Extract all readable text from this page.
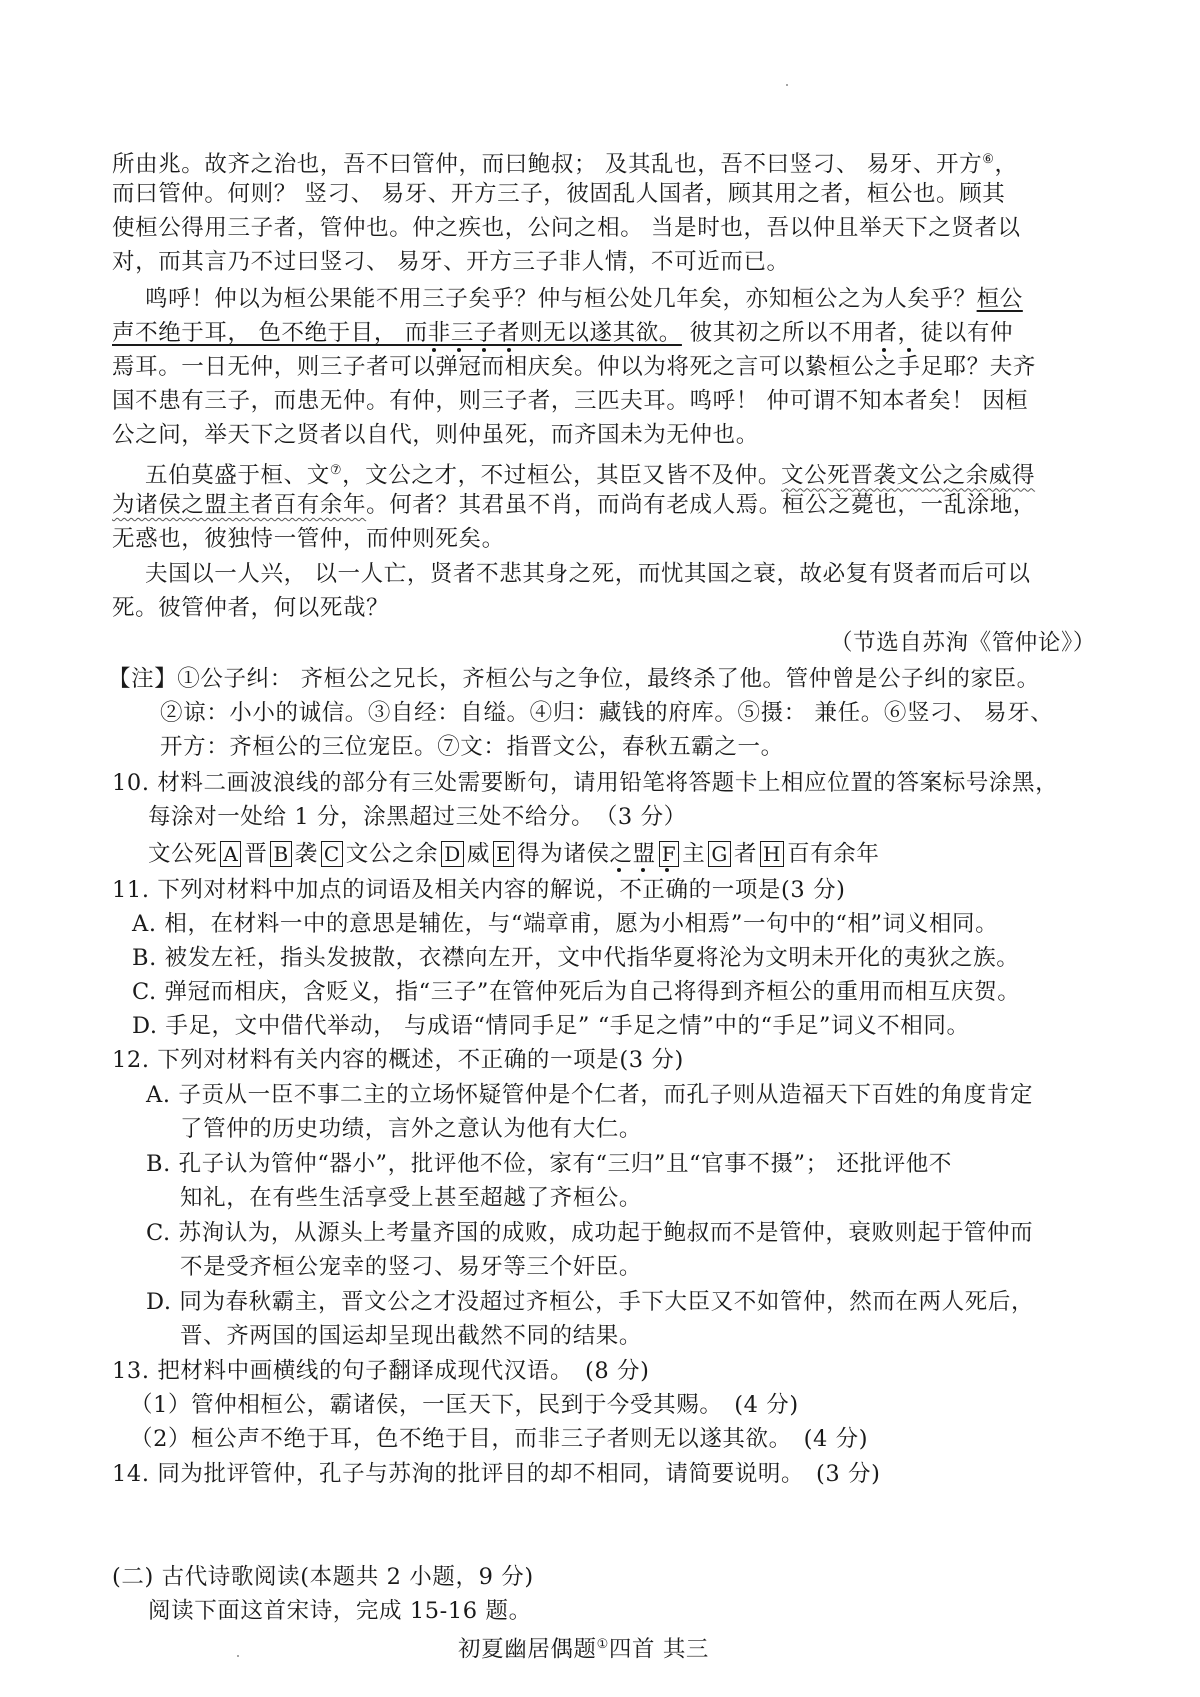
所由兆。故齐之治也，吾不曰管仲，而曰鲍叔； 及其乱也，吾不曰竖刁、 易牙、开方⑥，
而曰管仲。何则？ 竖刁、 易牙、开方三子，彼固乱人国者，顾其用之者，桓公也。顾其
使桓公得用三子者，管仲也。仲之疾也，公问之相。 当是时也，吾以仲且举天下之贤者以
对，而其言乃不过曰竖刁、 易牙、开方三子非人情，不可近而已。
鸣呼！仲以为桓公果能不用三子矣乎？仲与桓公处几年矣，亦知桓公之为人矣乎？桓公
声不绝于耳， 色不绝于目， 而非三子者则无以遂其欲。 彼其初之所以不用者，徒以有仲
焉耳。一日无仲，则三子者可以弹冠而相庆矣。仲以为将死之言可以絷桓公之手足耶？夫齐
国不患有三子，而患无仲。有仲，则三子者，三匹夫耳。鸣呼！ 仲可谓不知本者矣！ 因桓
公之问，举天下之贤者以自代，则仲虽死，而齐国未为无仲也。
五伯莫盛于桓、文⑦，文公之才，不过桓公，其臣又皆不及仲。文公死晋袭文公之余威得
为诸侯之盟主者百有余年。何者？其君虽不肖，而尚有老成人焉。桓公之薨也，一乱涂地，
无惑也，彼独恃一管仲，而仲则死矣。
夫国以一人兴， 以一人亡，贤者不悲其身之死，而忧其国之衰，故必复有贤者而后可以
死。彼管仲者，何以死哉？
（节选自苏洵《管仲论》）
【注】①公子纠： 齐桓公之兄长，齐桓公与之争位，最终杀了他。管仲曾是公子纠的家臣。
②谅：小小的诚信。③自经：自缢。④归：藏钱的府库。⑤摄： 兼任。⑥竖刁、 易牙、
开方：齐桓公的三位宠臣。⑦文：指晋文公，春秋五霸之一。
10. 材料二画波浪线的部分有三处需要断句，请用铅笔将答题卡上相应位置的答案标号涂黑，
每涂对一处给 1 分，涂黑超过三处不给分。　（3 分）
文公死 A 晋 B 袭 C 文公之余 D 威 E 得为诸侯之盟 F 主 G 者 H 百有余年
11. 下列对材料中加点的词语及相关内容的解说，不正确的一项是(3 分)
A. 相，在材料一中的意思是辅佐，与“端章甫，愿为小相焉”一句中的“相”词义相同。
B. 被发左衽，指头发披散，衣襟向左开，文中代指华夏将沦为文明未开化的夷狄之族。
C. 弹冠而相庆，含贬义，指“三子”在管仲死后为自己将得到齐桓公的重用而相互庆贺。
D. 手足，文中借代举动， 与成语“情同手足” “手足之情”中的“手足”词义不相同。
12. 下列对材料有关内容的概述，不正确的一项是(3 分)
A. 子贡从一臣不事二主的立场怀疑管仲是个仁者，而孔子则从造福天下百姓的角度肯定
了管仲的历史功绩，言外之意认为他有大仁。
B. 孔子认为管仲“器小”，批评他不俭，家有“三归”且“官事不摄”； 还批评他不
知礼，在有些生活享受上甚至超越了齐桓公。
C. 苏洵认为，从源头上考量齐国的成败，成功起于鲍叔而不是管仲，衰败则起于管仲而
不是受齐桓公宠幸的竖刁、易牙等三个奸臣。
D. 同为春秋霸主，晋文公之才没超过齐桓公，手下大臣又不如管仲，然而在两人死后，
晋、齐两国的国运却呈现出截然不同的结果。
13. 把材料中画横线的句子翻译成现代汉语。　(8 分)
（1）管仲相桓公，霸诸侯，一匡天下，民到于今受其赐。　(4 分)
（2）桓公声不绝于耳，色不绝于目，而非三子者则无以遂其欲。　(4 分)
14. 同为批评管仲，孔子与苏洵的批评目的却不相同，请简要说明。　(3 分)
(二) 古代诗歌阅读(本题共 2 小题，9 分)
阅读下面这首宋诗，完成 15-16 题。
初夏幽居偶题①四首 其三
